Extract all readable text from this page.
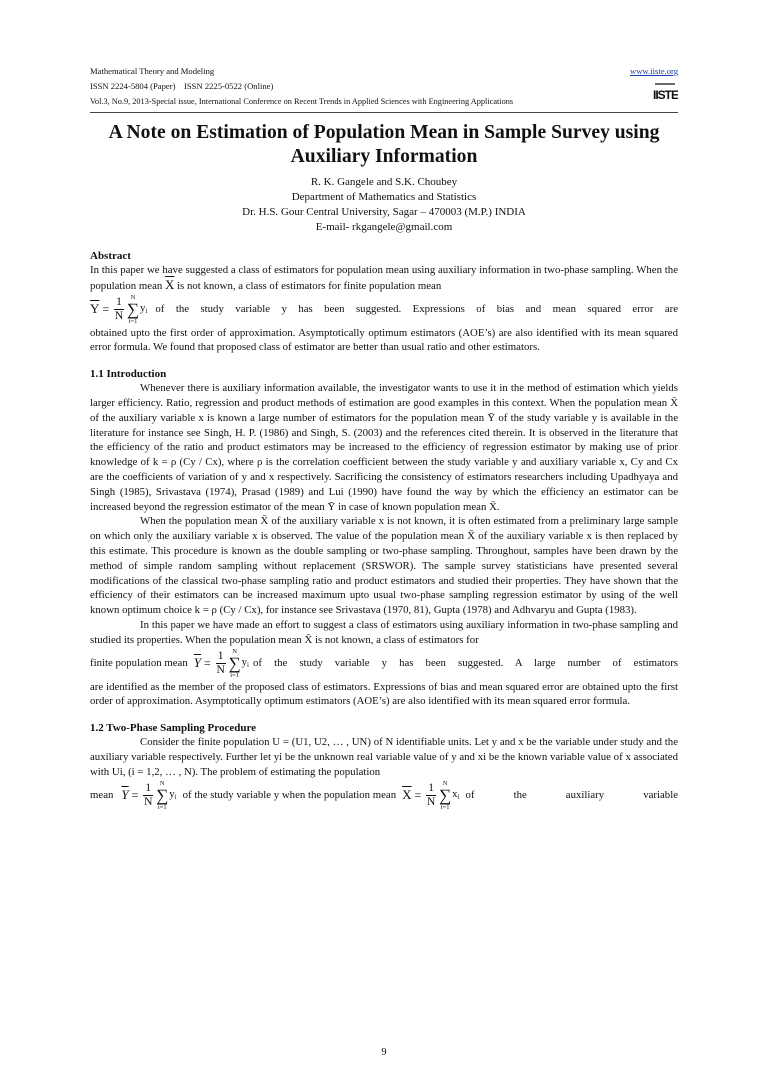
Mathematical Theory and Modeling	www.iiste.org
ISSN 2224-5804 (Paper)    ISSN 2225-0522 (Online)
Vol.3, No.9, 2013-Special issue, International Conference on Recent Trends in Applied Sciences with Engineering Applications	IISTE
A Note on Estimation of Population Mean in Sample Survey using Auxiliary Information
R. K. Gangele and S.K. Choubey
Department of Mathematics and Statistics
Dr. H.S. Gour Central University, Sagar – 470003 (M.P.) INDIA
E-mail- rkgangele@gmail.com
Abstract

In this paper we have suggested a class of estimators for population mean using auxiliary information in two-phase sampling. When the population mean $\overline{X}$ is not known, a class of estimators for finite population mean

$\overline{Y} = \frac{1}{N}$ N
∑
i=1
$y_i$ of the study variable y has been suggested. Expressions of bias and mean squared error are

obtained upto the first order of approximation. Asymptotically optimum estimators (AOE’s) are also identified with its mean squared error formula. We found that proposed class of estimator are better than usual ratio and other estimators.

1.1 Introduction

Whenever there is auxiliary information available, the investigator wants to use it in the method of estimation which yields larger efficiency. Ratio, regression and product methods of estimation are good examples in this context. When the population mean X̄ of the auxiliary variable x is known a large number of estimators for the population mean Ȳ of the study variable y is available in the literature for instance see Singh, H. P. (1986) and Singh, S. (2003) and the references cited therein. It is observed in the literature that the efficiency of the ratio and product estimators may be increased to the efficiency of regression estimator by making use of prior knowledge of k = ρ (Cy / Cx), where ρ is the correlation coefficient between the study variable y and auxiliary variable x, Cy and Cx are the coefficients of variation of y and x respectively. Sacrificing the consistency of estimators researchers including Upadhyaya and Singh (1985), Srivastava (1974), Prasad (1989) and Lui (1990) have found the way by which the efficiency an estimator can be increased beyond the regression estimator of the mean Ȳ in case of known population mean X̄.

When the population mean X̄ of the auxiliary variable x is not known, it is often estimated from a preliminary large sample on which only the auxiliary variable x is observed. The value of the population mean X̄ of the auxiliary variable x is then replaced by this estimate. This procedure is known as the double sampling or two-phase sampling. Throughout, samples have been drawn by the method of simple random sampling without replacement (SRSWOR). The sample survey statisticians have presented several modifications of the classical two-phase sampling ratio and product estimators and studied their properties. They have shown that the efficiency of their estimators can be increased maximum upto usual two-phase sampling regression estimator by using of the well known optimum choice k = ρ (Cy / Cx), for instance see Srivastava (1970, 81), Gupta (1978) and Adhvaryu and Gupta (1983).

In this paper we have made an effort to suggest a class of estimators using auxiliary information in two-phase sampling and studied its properties. When the population mean X̄ is not known, a class of estimators for

finite population mean $\overline{Y} = \frac{1}{N}$ N
∑
i=1
$y_i$ of the study variable y has been suggested. A large number of estimators

are identified as the member of the proposed class of estimators. Expressions of bias and mean squared error are obtained upto the first order of approximation. Asymptotically optimum estimators (AOE’s) are also identified with its mean squared error formula.

1.2 Two-Phase Sampling Procedure

Consider the finite population U = (U1, U2, … , UN) of N identifiable units. Let y and x be the variable under study and the auxiliary variable respectively. Further let yi be the unknown real variable value of y and xi be the known variable value of x associated with Ui, (i = 1,2, … , N). The problem of estimating the population

mean $\overline{Y} = \frac{1}{N}$ N
∑
i=1
$y_i$ of the study variable y when the population mean $\overline{X} = \frac{1}{N}$ N
∑
i=1
$x_i$ of the auxiliary variable
9
